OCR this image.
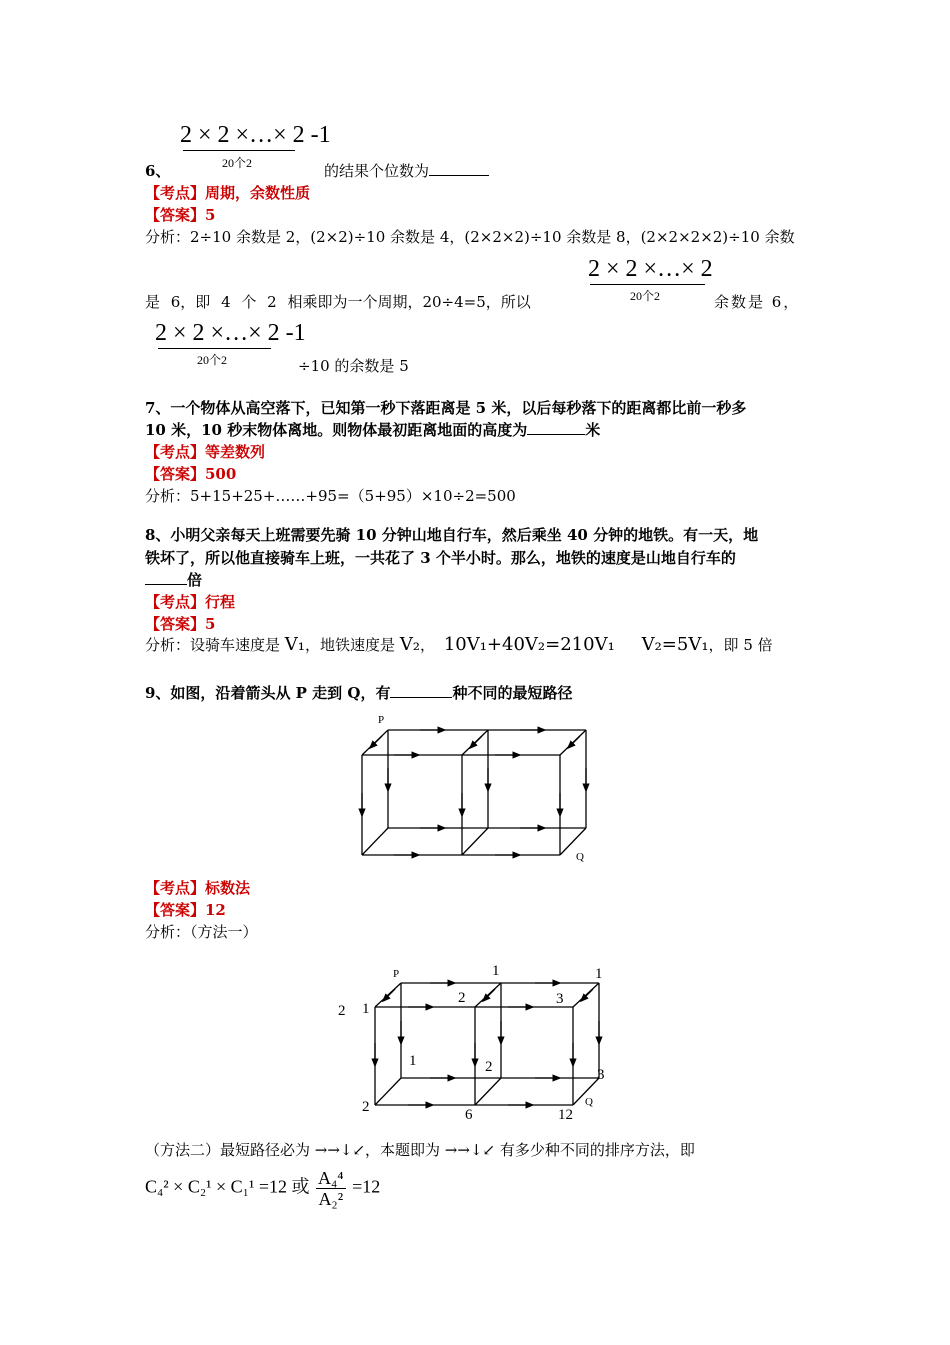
2 × 2 ×…× 2 -1
20个2
6、	的结果个位数为
【考点】周期，余数性质
【答案】5
分析：2÷10 余数是 2，(2×2)÷10 余数是 4，(2×2×2)÷10 余数是 8，(2×2×2×2)÷10 余数
2 × 2 ×…× 2
20个2
是 6，即 4 个 2 相乘即为一个周期，20÷4=5，所以	余数是 6，
2 × 2 ×…× 2 -1
20个2	÷10 的余数是 5
7、一个物体从高空落下，已知第一秒下落距离是 5 米，以后每秒落下的距离都比前一秒多
10 米，10 秒末物体离地。则物体最初距离地面的高度为	米
【考点】等差数列
【答案】500
分析：5+15+25+……+95=（5+95）×10÷2=500
8、小明父亲每天上班需要先骑 10 分钟山地自行车，然后乘坐 40 分钟的地铁。有一天，地
铁坏了，所以他直接骑车上班，一共花了 3 个半小时。那么，地铁的速度是山地自行车的
倍
【考点】行程
【答案】5
分析：设骑车速度是 V₁，地铁速度是 V₂， 10V₁+40V₂=210V₁ V₂=5V₁，即 5 倍
9、如图，沿着箭头从 P 走到 Q，有	种不同的最短路径
P
Q
【考点】标数法
【答案】12
分析：（方法一）
P
Q
1	1
2	3
2 1
1	2	3
2	6	12
（方法二）最短路径必为 →→↓↙，本题即为 →→↓↙ 有多少种不同的排序方法，即
C₄² × C₂¹ × C₁¹ =12 或 $\frac{\text{A₄⁴}}{\text{A₂²}} =12$
